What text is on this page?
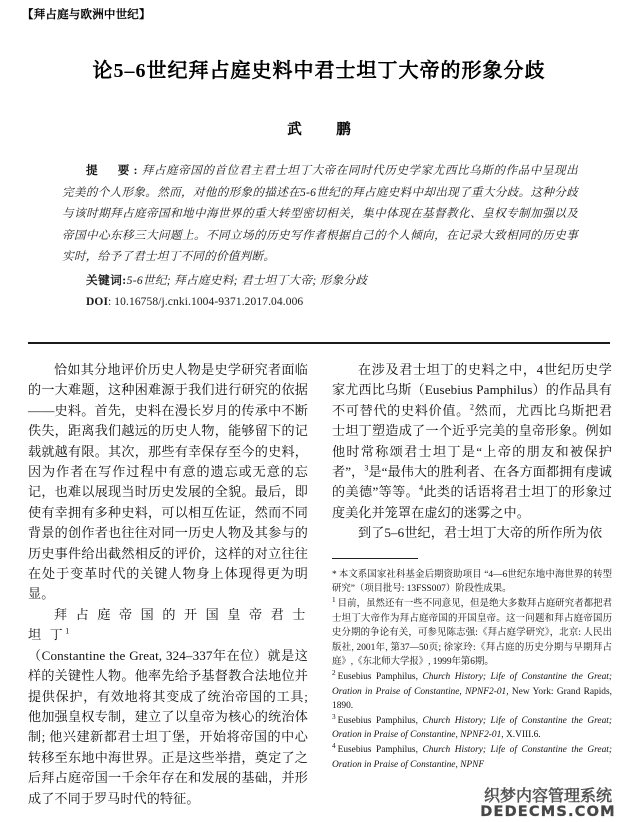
【拜占庭与欧洲中世纪】
论5–6世纪拜占庭史料中君士坦丁大帝的形象分歧
武　鹏
提　要:拜占庭帝国的首位君主君士坦丁大帝在同时代历史学家尤西比乌斯的作品中呈现出完美的个人形象。然而，对他的形象的描述在5-6世纪的拜占庭史料中却出现了重大分歧。这种分歧与该时期拜占庭帝国和地中海世界的重大转型密切相关，集中体现在基督教化、皇权专制加强以及帝国中心东移三大问题上。不同立场的历史写作者根据自己的个人倾向，在记录大致相同的历史事实时，给予了君士坦丁不同的价值判断。
关键词:5-6世纪; 拜占庭史料; 君士坦丁大帝; 形象分歧
DOI: 10.16758/j.cnki.1004-9371.2017.04.006

恰如其分地评价历史人物是史学研究者面临的一大难题，这种困难源于我们进行研究的依据——史料。首先，史料在漫长岁月的传承中不断佚失，距离我们越远的历史人物，能够留下的记载就越有限。其次，那些有幸保存至今的史料，因为作者在写作过程中有意的遗忘或无意的忘记，也难以展现当时历史发展的全貌。最后，即使有幸拥有多种史料，可以相互佐证，然而不同背景的创作者也往往对同一历史人物及其参与的历史事件给出截然相反的评价，这样的对立往往在处于变革时代的关键人物身上体现得更为明显。

拜 占 庭 帝 国 的 开 国 皇 帝 君 士 坦 丁$^1$

（Constantine the Great, 324–337年在位）就是这样的关键性人物。他率先给予基督教合法地位并提供保护，有效地将其变成了统治帝国的工具; 他加强皇权专制，建立了以皇帝为核心的统治体制; 他兴建新都君士坦丁堡，开始将帝国的中心转移至东地中海世界。正是这些举措，奠定了之后拜占庭帝国一千余年存在和发展的基础，并形成了不同于罗马时代的特征。

在涉及君士坦丁的史料之中，4世纪历史学家尤西比乌斯（Eusebius Pamphilus）的作品具有不可替代的史料价值。$^2$然而，尤西比乌斯把君士坦丁塑造成了一个近乎完美的皇帝形象。例如他时常称颂君士坦丁是“上帝的朋友和被保护者”，$^3$是“最伟大的胜利者、在各方面都拥有虔诚的美德”等等。$^4$此类的话语将君士坦丁的形象过度美化并笼罩在虚幻的迷雾之中。

到了5–6世纪，君士坦丁大帝的所作所为依

* 本文系国家社科基金后期资助项目 “4—6世纪东地中海世界的转型研究”（项目批号: 13FSS007）阶段性成果。

$^1$ 目前，虽然还有一些不同意见，但是绝大多数拜占庭研究者都把君士坦丁大帝作为拜占庭帝国的开国皇帝。这一问题和拜占庭帝国历史分期的争论有关，可参见陈志强:《拜占庭学研究》，北京: 人民出版社, 2001年, 第37—50页; 徐家玲:《拜占庭的历史分期与早期拜占庭》,《东北师大学报》, 1999年第6期。

$^2$ Eusebius Pamphilus, Church History; Life of Constantine the Great; Oration in Praise of Constantine, NPNF2-01, New York: Grand Rapids, 1890.

$^3$ Eusebius Pamphilus, Church History; Life of Constantine the Great; Oration in Praise of Constantine, NPNF2-01, X.VIII.6.

$^4$ Eusebius Pamphilus, Church History; Life of Constantine the Great; Oration in Praise of Constantine, NPNF

织梦内容管理系统
DEDECMS.COM
